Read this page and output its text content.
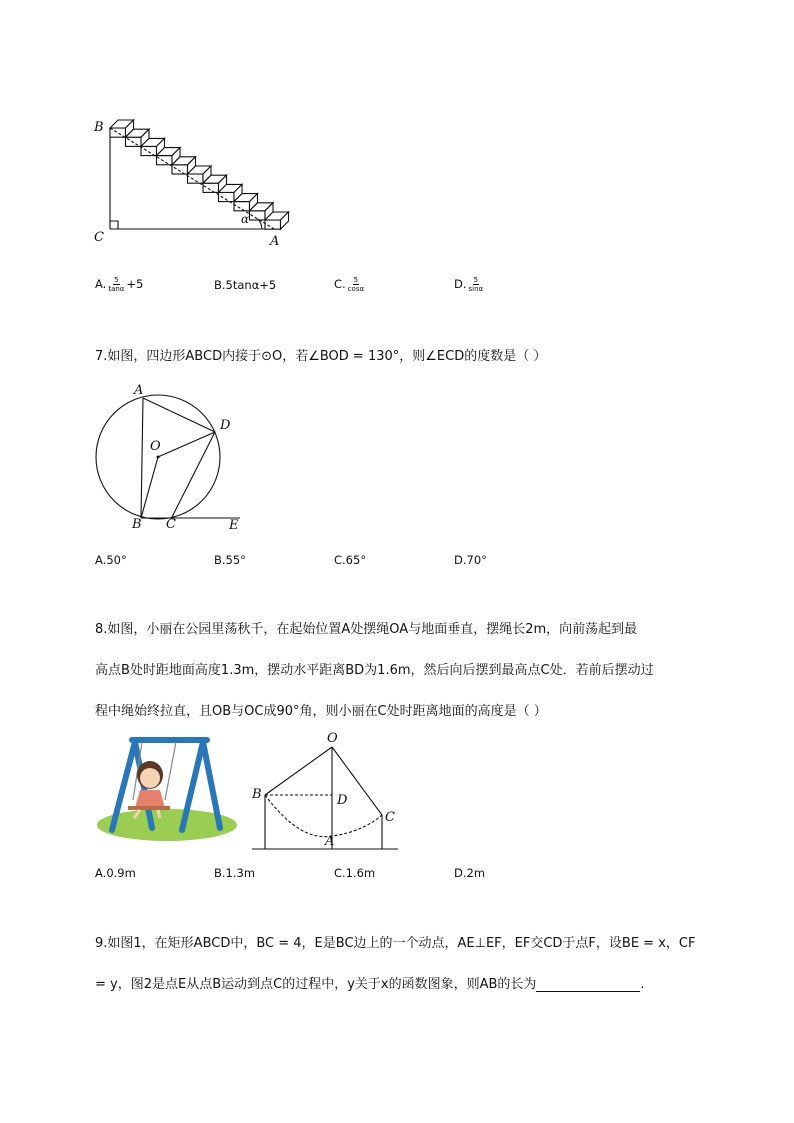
B
C	A
α
A. $\frac{5}{\tan\alpha} +5$	B.5tanα+5	C. $\frac{5}{\cos\alpha}$	D. $\frac{5}{\sin\alpha}$
7.如图，四边形ABCD内接于⊙O，若∠BOD = 130°，则∠ECD的度数是（ ）
A
D
O
B C	E
A.50°	B.55°	C.65°	D.70°
8.如图，小丽在公园里荡秋千，在起始位置A处摆绳OA与地面垂直，摆绳长2m，向前荡起到最
高点B处时距地面高度1.3m，摆动水平距离BD为1.6m，然后向后摆到最高点C处．若前后摆动过
程中绳始终拉直，且OB与OC成90°角，则小丽在C处时距离地面的高度是（ ）
O
B	D
C
A
A.0.9m	B.1.3m	C.1.6m	D.2m
9.如图1，在矩形ABCD中，BC = 4，E是BC边上的一个动点，AE⊥EF，EF交CD于点F，设BE = x，CF
= y，图2是点E从点B运动到点C的过程中，y关于x的函数图象，则AB的长为	.
